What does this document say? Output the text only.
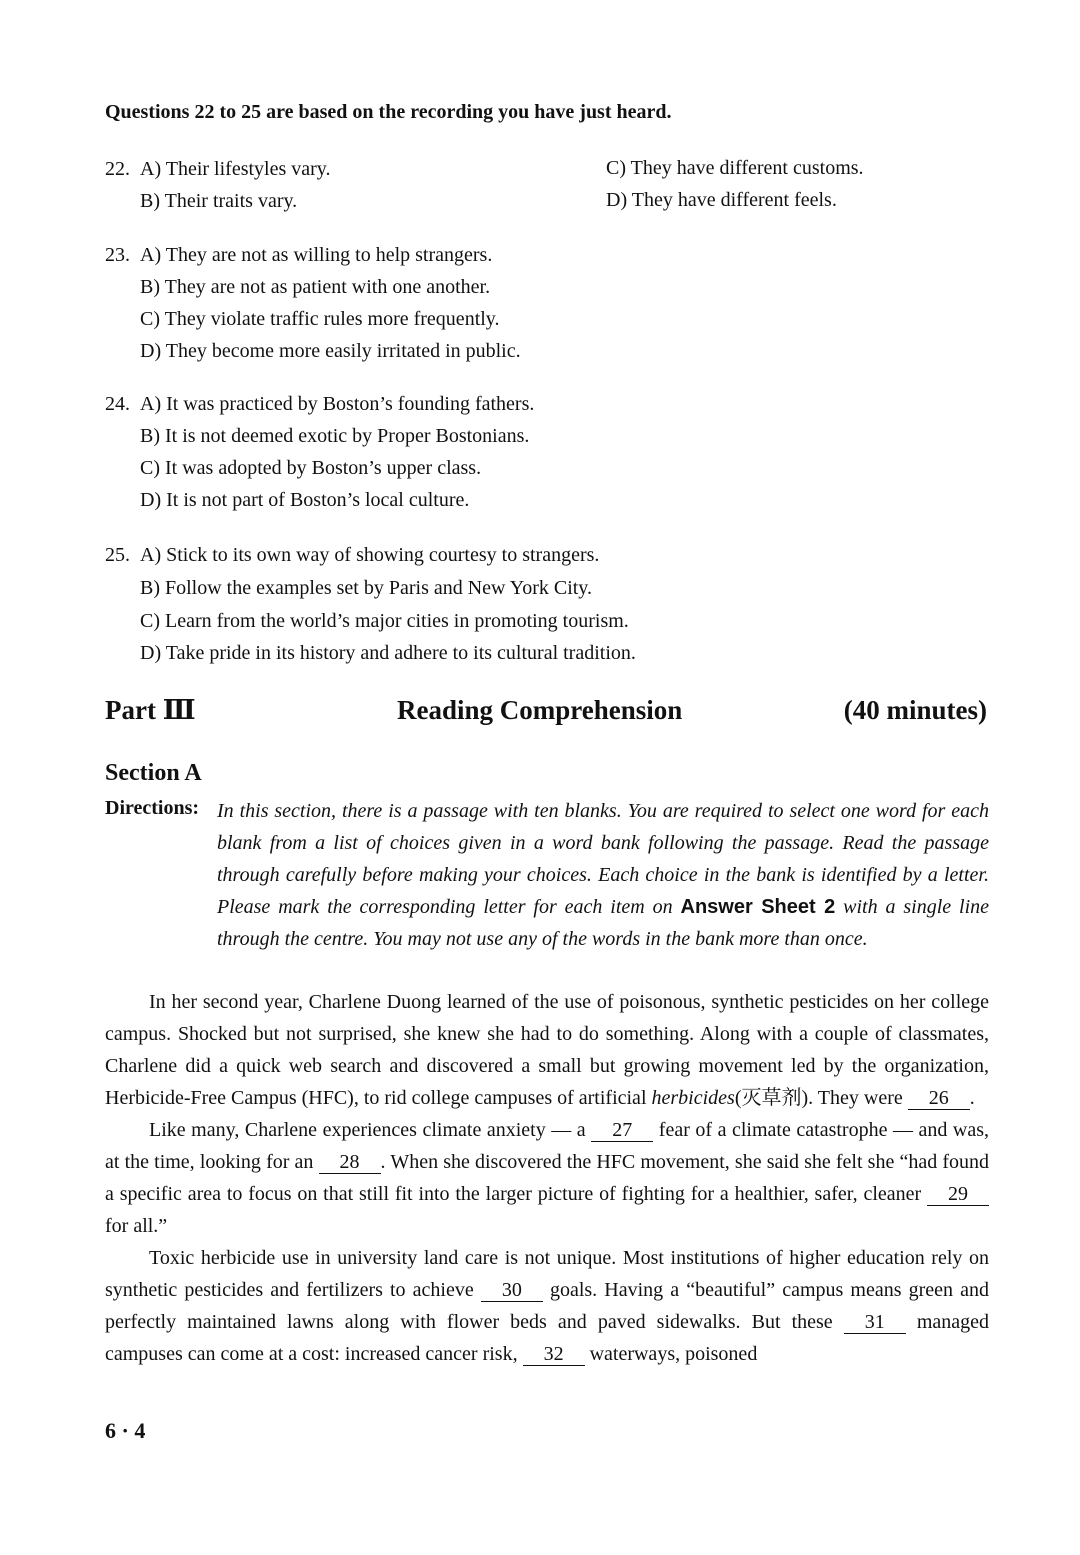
Questions 22 to 25 are based on the recording you have just heard.
22. A) Their lifestyles vary.
B) Their traits vary.
C) They have different customs.
D) They have different feels.
23. A) They are not as willing to help strangers.
B) They are not as patient with one another.
C) They violate traffic rules more frequently.
D) They become more easily irritated in public.
24. A) It was practiced by Boston’s founding fathers.
B) It is not deemed exotic by Proper Bostonians.
C) It was adopted by Boston’s upper class.
D) It is not part of Boston’s local culture.
25. A) Stick to its own way of showing courtesy to strangers.
B) Follow the examples set by Paris and New York City.
C) Learn from the world’s major cities in promoting tourism.
D) Take pride in its history and adhere to its cultural tradition.
Part Ⅲ	Reading Comprehension	(40 minutes)
Section A
Directions: In this section, there is a passage with ten blanks. You are required to select one word for each blank from a list of choices given in a word bank following the passage. Read the passage through carefully before making your choices. Each choice in the bank is identified by a letter. Please mark the corresponding letter for each item on Answer Sheet 2 with a single line through the centre. You may not use any of the words in the bank more than once.

In her second year, Charlene Duong learned of the use of poisonous, synthetic pesticides on her college campus. Shocked but not surprised, she knew she had to do something. Along with a couple of classmates, Charlene did a quick web search and discovered a small but growing movement led by the organization, Herbicide-Free Campus (HFC), to rid college campuses of artificial herbicides(灭草剂). They were 26 .

Like many, Charlene experiences climate anxiety — a 27 fear of a climate catastrophe — and was, at the time, looking for an 28 . When she discovered the HFC movement, she said she felt she “had found a specific area to focus on that still fit into the larger picture of fighting for a healthier, safer, cleaner 29 for all.”

Toxic herbicide use in university land care is not unique. Most institutions of higher education rely on synthetic pesticides and fertilizers to achieve 30 goals. Having a “beautiful” campus means green and perfectly maintained lawns along with flower beds and paved sidewalks. But these 31 managed campuses can come at a cost: increased cancer risk, 32 waterways, poisoned

6 · 4
